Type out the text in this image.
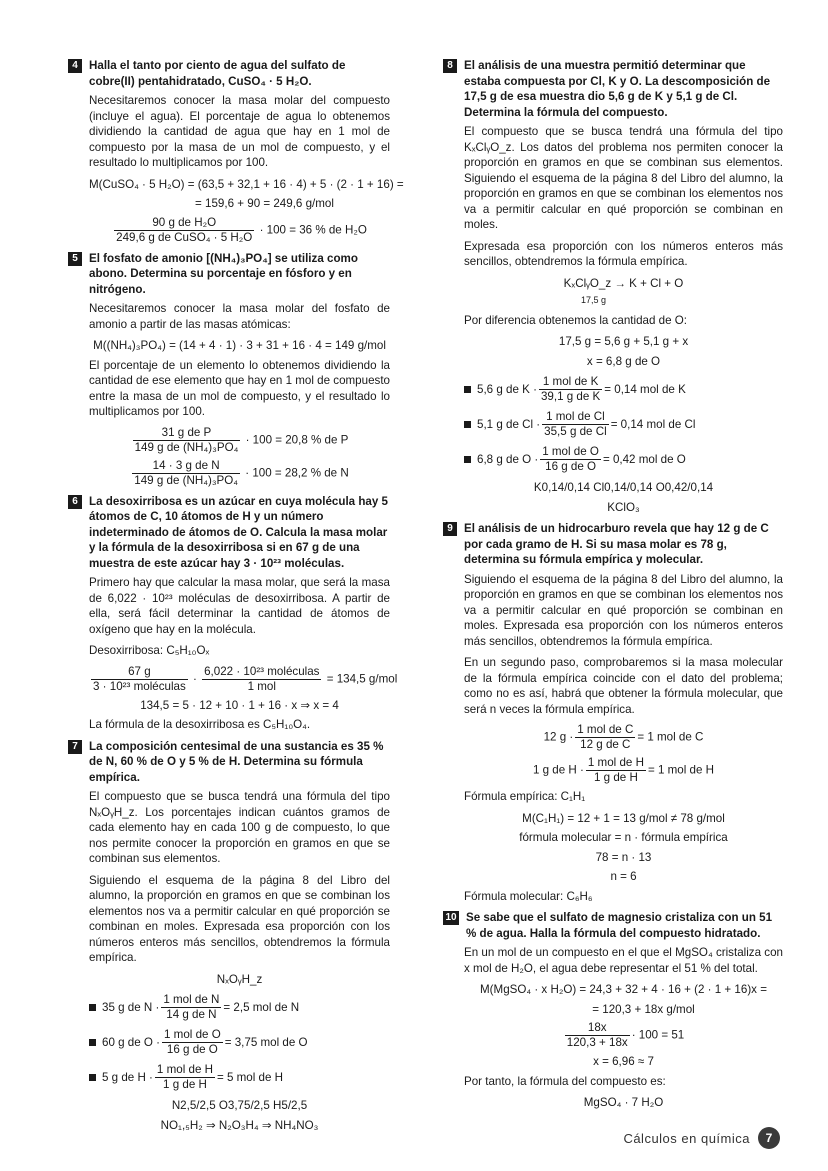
4 Halla el tanto por ciento de agua del sulfato de cobre(II) pentahidratado, CuSO₄ · 5 H₂O.

Necesitaremos conocer la masa molar del compuesto (incluye el agua). El porcentaje de agua lo obtenemos dividiendo la cantidad de agua que hay en 1 mol de compuesto por la masa de un mol de compuesto, y el resultado lo multiplicamos por 100.

M(CuSO₄ · 5 H₂O) = (63,5 + 32,1 + 16 · 4) + 5 · (2 · 1 + 16) =
= 159,6 + 90 = 249,6 g/mol
$\frac{\text{90 g de H₂O}}{\text{249,6 g de CuSO₄ · 5 H₂O}} \cdot 100 = 36$ % de H₂O
5 El fosfato de amonio [(NH₄)₃PO₄] se utiliza como abono. Determina su porcentaje en fósforo y en nitrógeno.

Necesitaremos conocer la masa molar del fosfato de amonio a partir de las masas atómicas:

M((NH₄)₃PO₄) = (14 + 4 · 1) · 3 + 31 + 16 · 4 = 149 g/mol

El porcentaje de un elemento lo obtenemos dividiendo la cantidad de ese elemento que hay en 1 mol de compuesto entre la masa de un mol de compuesto, y el resultado lo multiplicamos por 100.

$\frac{\text{31 g de P}}{\text{149 g de (NH₄)₃PO₄}} \cdot 100 = 20,8$ % de P
$\frac{\text{14 · 3 g de N}}{\text{149 g de (NH₄)₃PO₄}} \cdot 100 = 28,2$ % de N
6 La desoxirribosa es un azúcar en cuya molécula hay 5 átomos de C, 10 átomos de H y un número indeterminado de átomos de O. Calcula la masa molar y la fórmula de la desoxirribosa si en 67 g de una muestra de este azúcar hay 3 · 10²³ moléculas.

Primero hay que calcular la masa molar, que será la masa de 6,022 · 10²³ moléculas de desoxirribosa. A partir de ella, será fácil determinar la cantidad de átomos de oxígeno que hay en la molécula.

Desoxirribosa: C₅H₁₀Oₓ

$\frac{67 g}{\text{3 · 10²³ moléculas}} \cdot \frac{\text{6,022 · 10²³ moléculas}}{\text{1 mol}} = 134,5$ g/mol
134,5 = 5 · 12 + 10 · 1 + 16 · x ⇒ x = 4

La fórmula de la desoxirribosa es C₅H₁₀O₄.

7 La composición centesimal de una sustancia es 35 % de N, 60 % de O y 5 % de H. Determina su fórmula empírica.

El compuesto que se busca tendrá una fórmula del tipo NₓOᵧH_z. Los porcentajes indican cuántos gramos de cada elemento hay en cada 100 g de compuesto, lo que nos permite conocer la proporción en gramos en que se combinan sus elementos.

Siguiendo el esquema de la página 8 del Libro del alumno, la proporción en gramos en que se combinan los elementos nos va a permitir calcular en qué proporción se combinan en moles. Expresada esa proporción con los números enteros más sencillos, obtendremos la fórmula empírica.

NₓOᵧH_z
35 g de $N \cdot \frac{\text{1 mol de N}}{\text{14 g de N}} = 2,5$ mol de N
60 g de $O \cdot \frac{\text{1 mol de O}}{\text{16 g de O}} = 3,75$ mol de O
5 g de $H \cdot \frac{\text{1 mol de H}}{\text{1 g de H}} = 5$ mol de H
N2,5/2,5 O3,75/2,5 H5/2,5
NO₁,₅H₂ ⇒ N₂O₃H₄ ⇒ NH₄NO₃
8 El análisis de una muestra permitió determinar que estaba compuesta por Cl, K y O. La descomposición de 17,5 g de esa muestra dio 5,6 g de K y 5,1 g de Cl. Determina la fórmula del compuesto.

El compuesto que se busca tendrá una fórmula del tipo KₓClᵧO_z. Los datos del problema nos permiten conocer la proporción en gramos en que se combinan sus elementos. Siguiendo el esquema de la página 8 del Libro del alumno, la proporción en gramos en que se combinan los elementos nos va a permitir calcular en qué proporción se combinan en moles.

Expresada esa proporción con los números enteros más sencillos, obtendremos la fórmula empírica.

KₓClᵧO_z → K + Cl + O
17,5 g

Por diferencia obtenemos la cantidad de O:

17,5 g = 5,6 g + 5,1 g + x
x = 6,8 g de O
5,6 g de $K \cdot \frac{\text{1 mol de K}}{\text{39,1 g de K}} = 0,14$ mol de K
5,1 g de $Cl \cdot \frac{\text{1 mol de Cl}}{\text{35,5 g de Cl}} = 0,14$ mol de Cl
6,8 g de $O \cdot \frac{\text{1 mol de O}}{\text{16 g de O}} = 0,42$ mol de O
K0,14/0,14 Cl0,14/0,14 O0,42/0,14
KClO₃
9 El análisis de un hidrocarburo revela que hay 12 g de C por cada gramo de H. Si su masa molar es 78 g, determina su fórmula empírica y molecular.

Siguiendo el esquema de la página 8 del Libro del alumno, la proporción en gramos en que se combinan los elementos nos va a permitir calcular en qué proporción se combinan en moles. Expresada esa proporción con los números enteros más sencillos, obtendremos la fórmula empírica.

En un segundo paso, comprobaremos si la masa molecular de la fórmula empírica coincide con el dato del problema; como no es así, habrá que obtener la fórmula molecular, que será n veces la fórmula empírica.

12 $g \cdot \frac{\text{1 mol de C}}{\text{12 g de C}} = 1$ mol de C
1 g de $H \cdot \frac{\text{1 mol de H}}{\text{1 g de H}} = 1$ mol de H

Fórmula empírica: C₁H₁

M(C₁H₁) = 12 + 1 = 13 g/mol ≠ 78 g/mol
fórmula molecular = n · fórmula empírica
78 = n · 13
n = 6

Fórmula molecular: C₆H₆

10 Se sabe que el sulfato de magnesio cristaliza con un 51 % de agua. Halla la fórmula del compuesto hidratado.

En un mol de un compuesto en el que el MgSO₄ cristaliza con x mol de H₂O, el agua debe representar el 51 % del total.

M(MgSO₄ · x H₂O) = 24,3 + 32 + 4 · 16 + (2 · 1 + 16)x =
= 120,3 + 18x g/mol
$\frac{18x}{120,3 + 18x} \cdot 100 = 51$
x = 6,96 ≈ 7

Por tanto, la fórmula del compuesto es:

MgSO₄ · 7 H₂O
Cálculos en química	7
